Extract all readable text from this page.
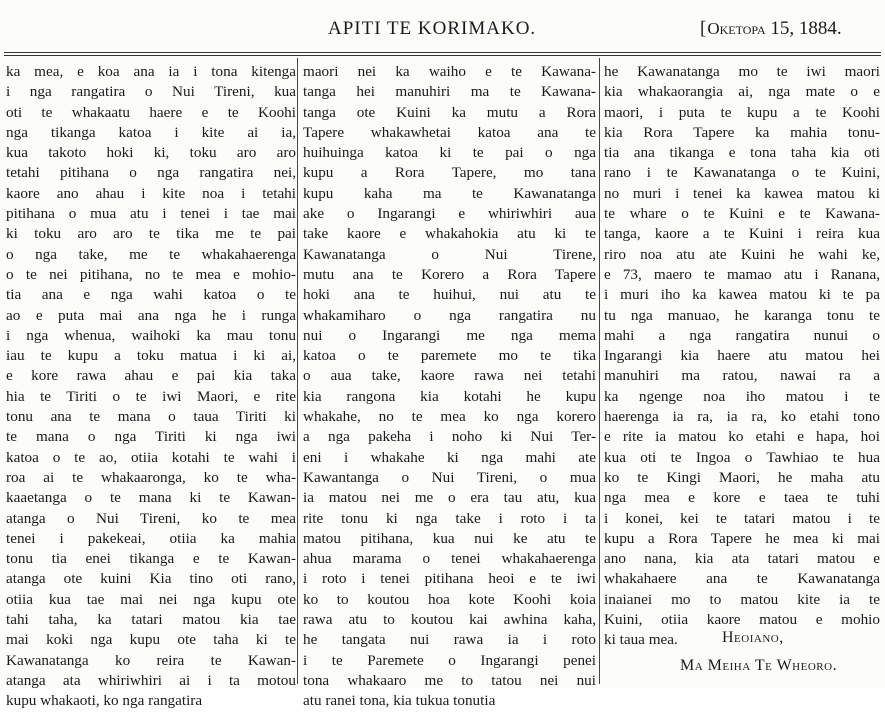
APITI TE KORIMAKO.	[Oketopa 15, 1884.
ka mea, e koa ana ia i tona kitenga
i nga rangatira o Nui Tireni, kua
oti te whakaatu haere e te Koohi
nga tikanga katoa i kite ai ia,
kua takoto hoki ki, toku aro aro
tetahi pitihana o nga rangatira nei,
kaore ano ahau i kite noa i tetahi
pitihana o mua atu i tenei i tae mai
ki toku aro aro te tika me te pai
o nga take, me te whakahaerenga
o te nei pitihana, no te mea e mohio-
tia ana e nga wahi katoa o te
ao e puta mai ana nga he i runga
i nga whenua, waihoki ka mau tonu
iau te kupu a toku matua i ki ai,
e kore rawa ahau e pai kia taka
hia te Tiriti o te iwi Maori, e rite
tonu ana te mana o taua Tiriti ki
te mana o nga Tiriti ki nga iwi
katoa o te ao, otiia kotahi te wahi i
roa ai te whakaaronga, ko te wha-
kaaetanga o te mana ki te Kawan-
atanga o Nui Tireni, ko te mea
tenei i pakekeai, otiia ka mahia
tonu tia enei tikanga e te Kawan-
atanga ote kuini Kia tino oti rano,
otiia kua tae mai nei nga kupu ote
tahi taha, ka tatari matou kia tae
mai koki nga kupu ote taha ki te
Kawanatanga ko reira te Kawan-
atanga ata whiriwhiri ai i ta motou
kupu whakaoti, ko nga rangatira
maori nei ka waiho e te Kawana-
tanga hei manuhiri ma te Kawana-
tanga ote Kuini ka mutu a Rora
Tapere whakawhetai katoa ana te
huihuinga katoa ki te pai o nga
kupu a Rora Tapere, mo tana
kupu kaha ma te Kawanatanga
ake o Ingarangi e whiriwhiri aua
take kaore e whakahokia atu ki te
Kawanatanga o Nui Tirene,
mutu ana te Korero a Rora Tapere
hoki ana te huihui, nui atu te
whakamiharo o nga rangatira nu
nui o Ingarangi me nga mema
katoa o te paremete mo te tika
o aua take, kaore rawa nei tetahi
kia rangona kia kotahi he kupu
whakahe, no te mea ko nga korero
a nga pakeha i noho ki Nui Ter-
eni i whakahe ki nga mahi ate
Kawantanga o Nui Tireni, o mua
ia matou nei me o era tau atu, kua
rite tonu ki nga take i roto i ta
matou pitihana, kua nui ke atu te
ahua marama o tenei whakahaerenga
i roto i tenei pitihana heoi e te iwi
ko to koutou hoa kote Koohi koia
rawa atu to koutou kai awhina kaha,
he tangata nui rawa ia i roto
i te Paremete o Ingarangi penei
tona whakaaro me to tatou nei nui
atu ranei tona, kia tukua tonutia
he Kawanatanga mo te iwi maori
kia whakaorangia ai, nga mate o e
maori, i puta te kupu a te Koohi
kia Rora Tapere ka mahia tonu-
tia ana tikanga e tona taha kia oti
rano i te Kawanatanga o te Kuini,
no muri i tenei ka kawea matou ki
te whare o te Kuini e te Kawana-
tanga, kaore a te Kuini i reira kua
riro noa atu ate Kuini he wahi ke,
e 73, maero te mamao atu i Ranana,
i muri iho ka kawea matou ki te pa
tu nga manuao, he karanga tonu te
mahi a nga rangatira nunui o
Ingarangi kia haere atu matou hei
manuhiri ma ratou, nawai ra a
ka ngenge noa iho matou i te
haerenga ia ra, ia ra, ko etahi tono
e rite ia matou ko etahi e hapa, hoi
kua oti te Ingoa o Tawhiao te hua
ko te Kingi Maori, he maha atu
nga mea e kore e taea te tuhi
i konei, kei te tatari matou i te
kupu a Rora Tapere he mea ki mai
ano nana, kia ata tatari matou e
whakahaere ana te Kawanatanga
inaianei mo to matou kite ia te
Kuini, otiia kaore matou e mohio
ki taua mea.	Heoiano,
Ma Meiha Te Wheoro.
